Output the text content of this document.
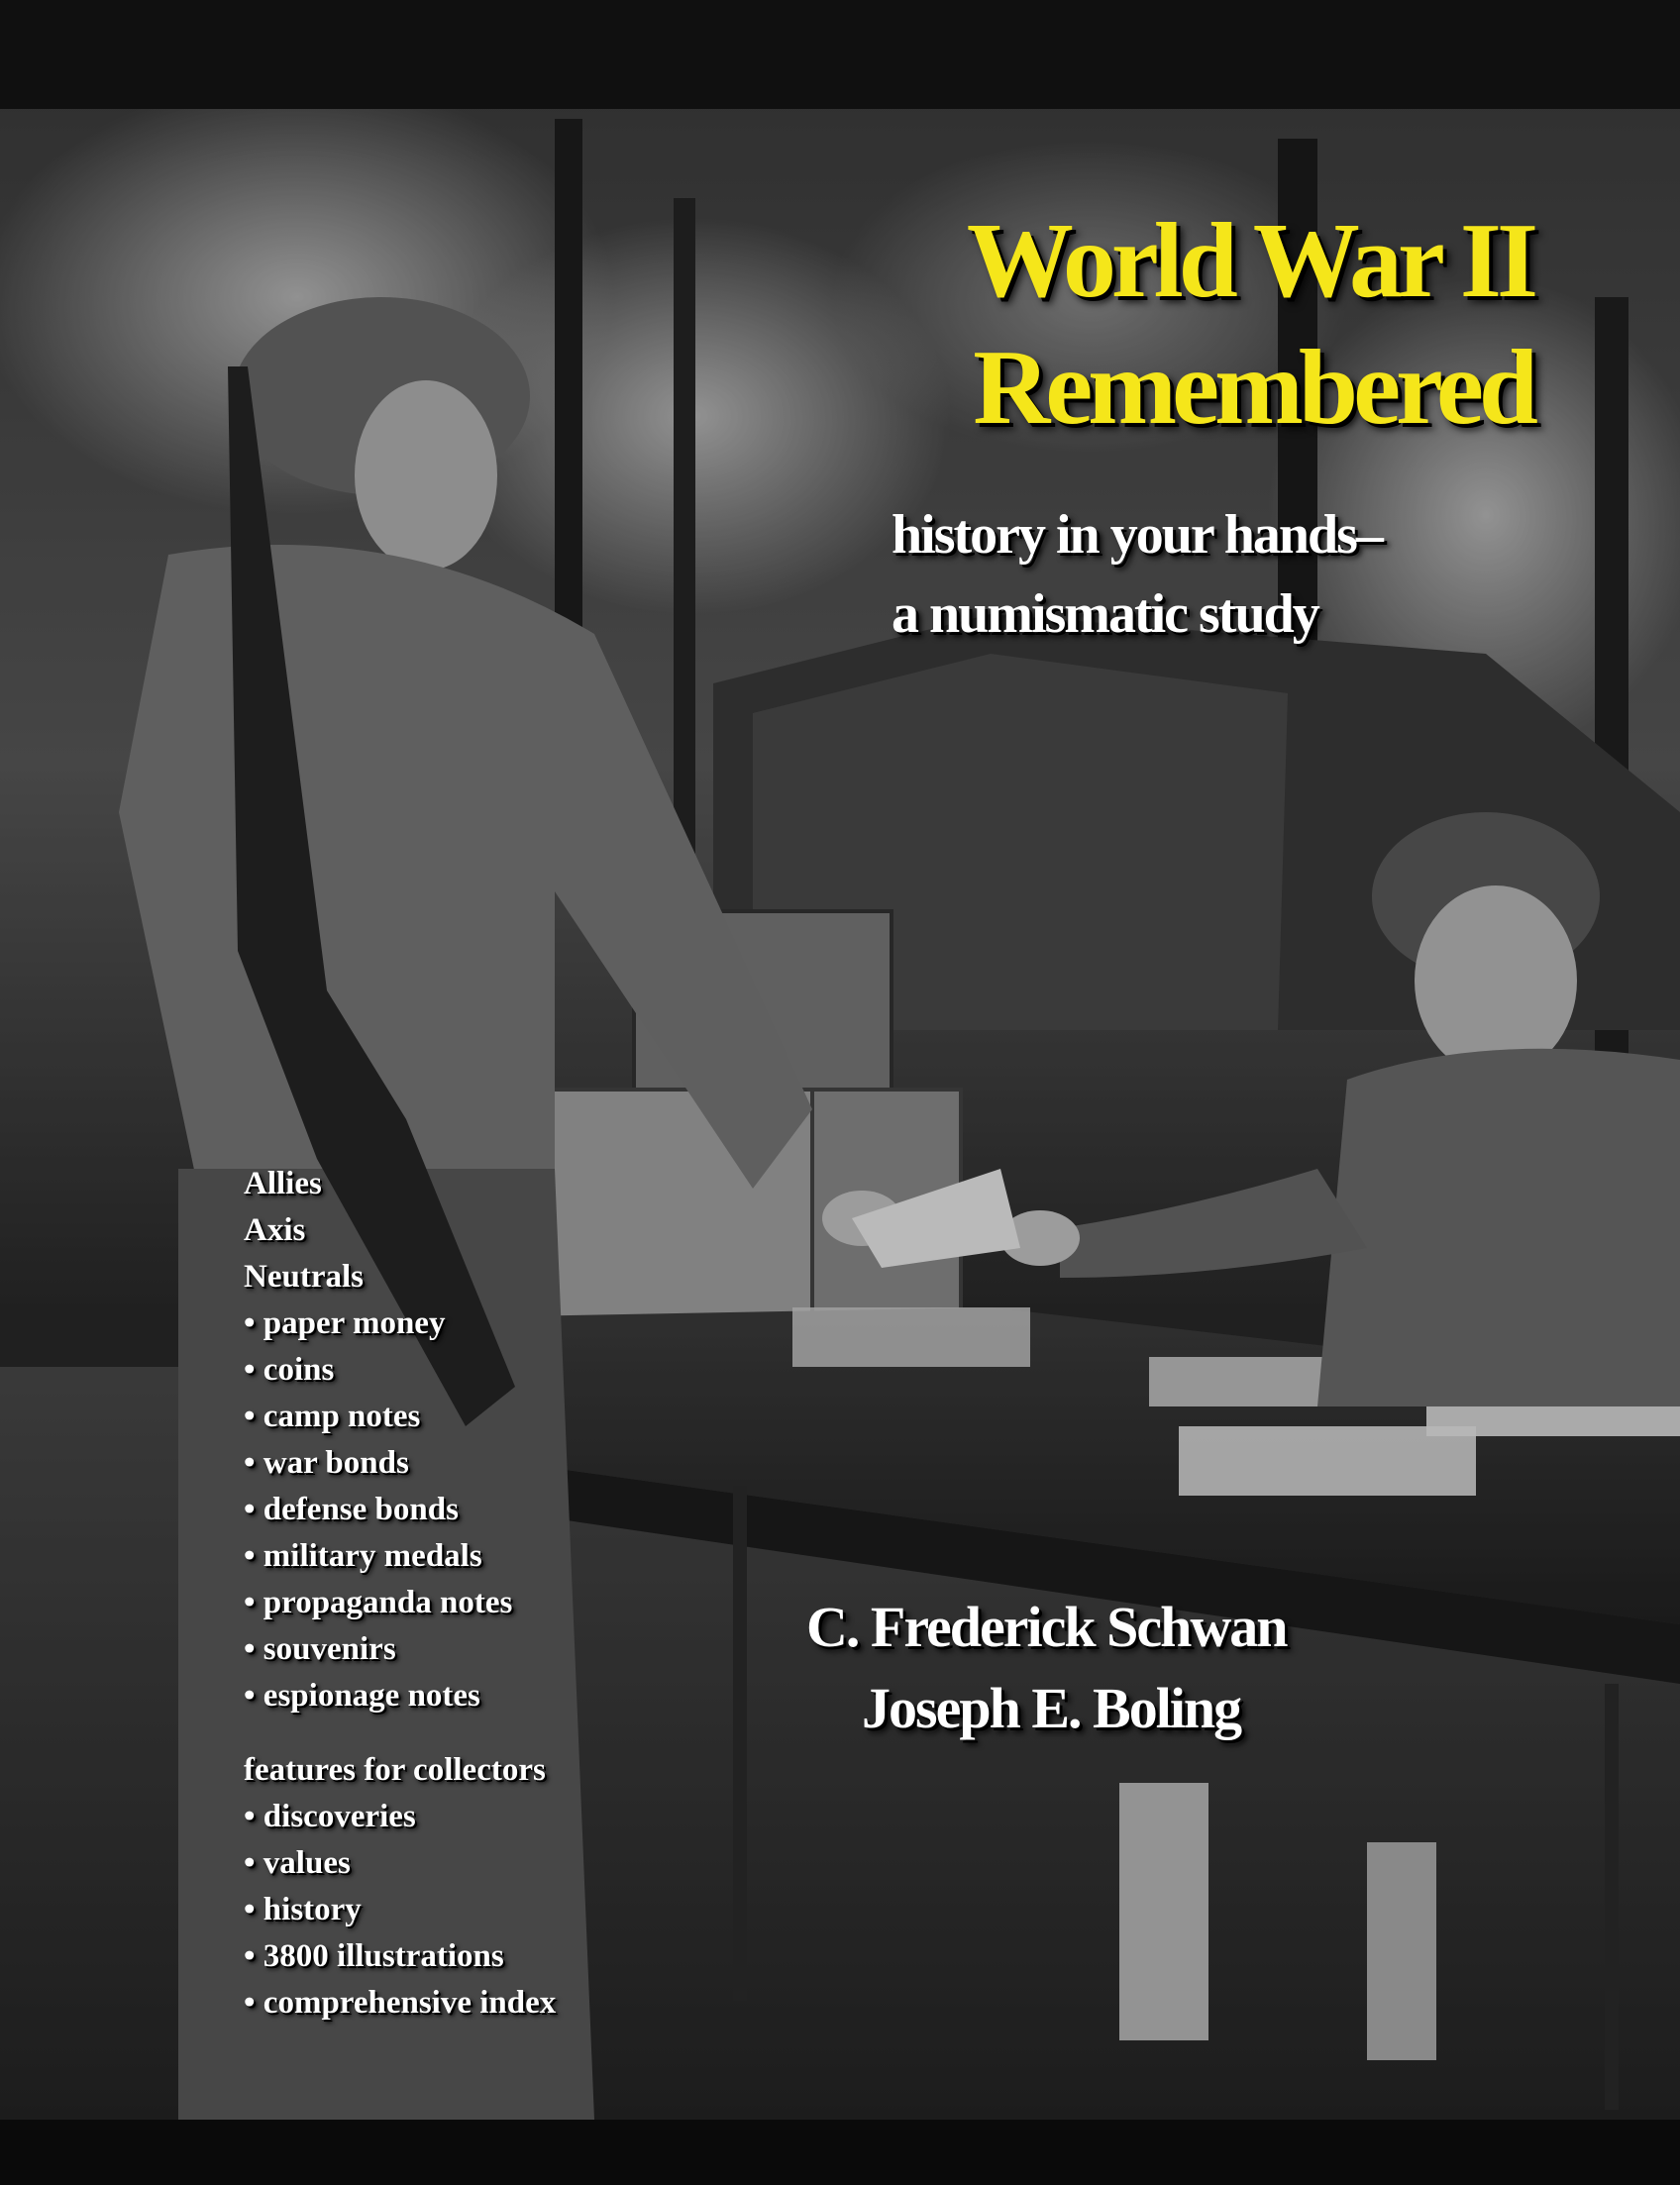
World War II
Remembered
history in your hands–
a numismatic study
Allies
Axis
Neutrals
• paper money
• coins
• camp notes
• war bonds
• defense bonds
• military medals
• propaganda notes
• souvenirs
• espionage notes
features for collectors
• discoveries
• values
• history
• 3800 illustrations
• comprehensive index
C. Frederick Schwan
Joseph E. Boling
